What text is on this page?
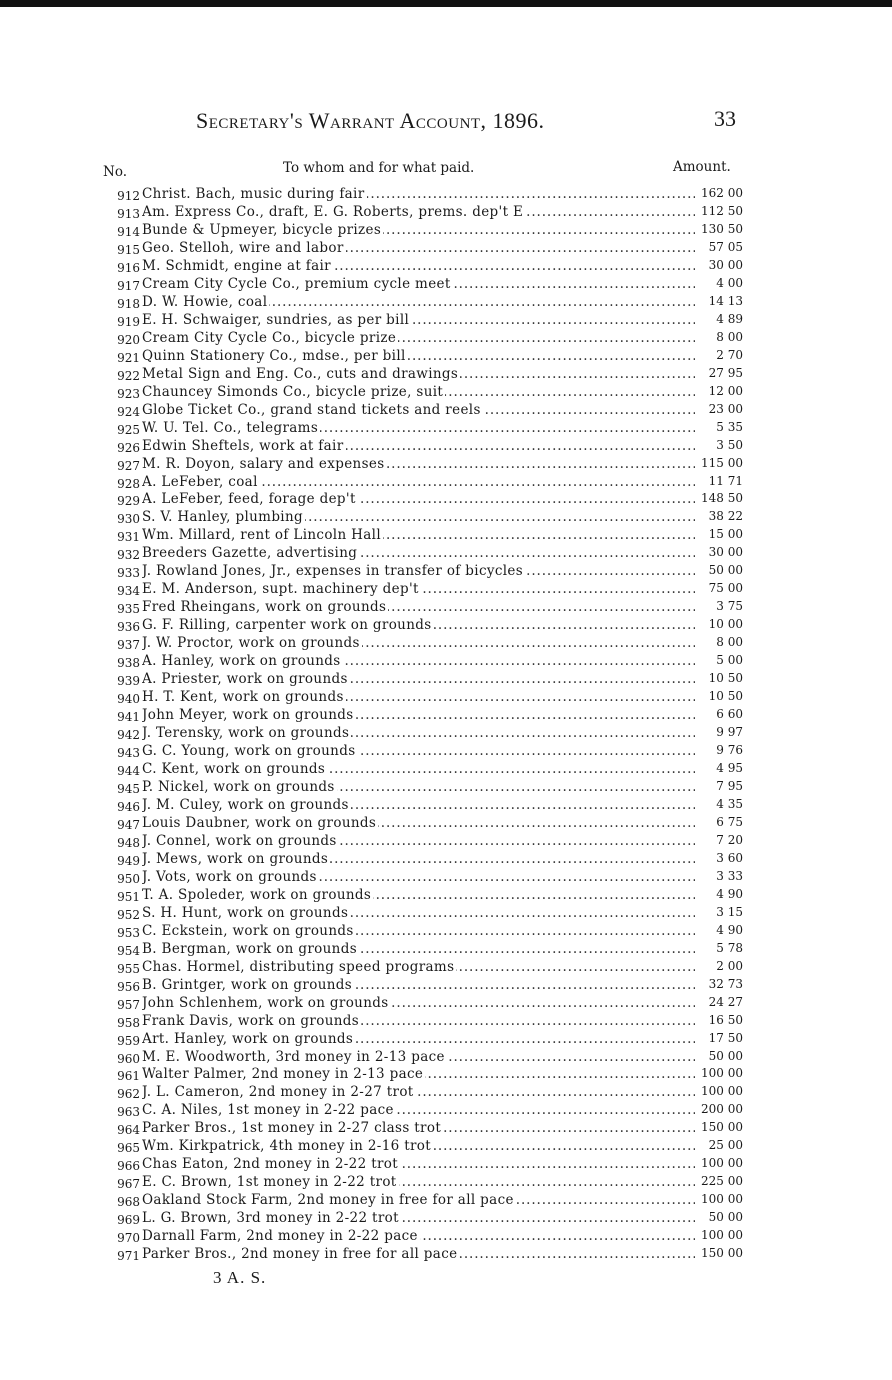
Secretary's Warrant Account, 1896.	33
No.	To whom and for what paid.	Amount.
912 Christ. Bach, music during fair .....	162 00
913 Am. Express Co., draft, E. G. Roberts, prems. dep't E .....	112 50
914 Bunde & Upmeyer, bicycle prizes .....	130 50
915 Geo. Stelloh, wire and labor .....	57 05
916 M. Schmidt, engine at fair .....	30 00
917 Cream City Cycle Co., premium cycle meet .....	4 00
918 D. W. Howie, coal .....	14 13
919 E. H. Schwaiger, sundries, as per bill .....	4 89
920 Cream City Cycle Co., bicycle prize .....	8 00
921 Quinn Stationery Co., mdse., per bill .....	2 70
922 Metal Sign and Eng. Co., cuts and drawings .....	27 95
923 Chauncey Simonds Co., bicycle prize, suit .....	12 00
924 Globe Ticket Co., grand stand tickets and reels .....	23 00
925 W. U. Tel. Co., telegrams .....	5 35
926 Edwin Sheftels, work at fair .....	3 50
927 M. R. Doyon, salary and expenses .....	115 00
928 A. LeFeber, coal .....	11 71
929 A. LeFeber, feed, forage dep't .....	148 50
930 S. V. Hanley, plumbing .....	38 22
931 Wm. Millard, rent of Lincoln Hall .....	15 00
932 Breeders Gazette, advertising .....	30 00
933 J. Rowland Jones, Jr., expenses in transfer of bicycles .....	50 00
934 E. M. Anderson, supt. machinery dep't .....	75 00
935 Fred Rheingans, work on grounds .....	3 75
936 G. F. Rilling, carpenter work on grounds .....	10 00
937 J. W. Proctor, work on grounds .....	8 00
938 A. Hanley, work on grounds .....	5 00
939 A. Priester, work on grounds .....	10 50
940 H. T. Kent, work on grounds .....	10 50
941 John Meyer, work on grounds .....	6 60
942 J. Terensky, work on grounds .....	9 97
943 G. C. Young, work on grounds .....	9 76
944 C. Kent, work on grounds .....	4 95
945 P. Nickel, work on grounds .....	7 95
946 J. M. Culey, work on grounds .....	4 35
947 Louis Daubner, work on grounds .....	6 75
948 J. Connel, work on grounds .....	7 20
949 J. Mews, work on grounds .....	3 60
950 J. Vots, work on grounds .....	3 33
951 T. A. Spoleder, work on grounds .....	4 90
952 S. H. Hunt, work on grounds .....	3 15
953 C. Eckstein, work on grounds .....	4 90
954 B. Bergman, work on grounds .....	5 78
955 Chas. Hormel, distributing speed programs .....	2 00
956 B. Grintger, work on grounds .....	32 73
957 John Schlenhem, work on grounds .....	24 27
958 Frank Davis, work on grounds .....	16 50
959 Art. Hanley, work on grounds .....	17 50
960 M. E. Woodworth, 3rd money in 2-13 pace .....	50 00
961 Walter Palmer, 2nd money in 2-13 pace .....	100 00
962 J. L. Cameron, 2nd money in 2-27 trot .....	100 00
963 C. A. Niles, 1st money in 2-22 pace .....	200 00
964 Parker Bros., 1st money in 2-27 class trot .....	150 00
965 Wm. Kirkpatrick, 4th money in 2-16 trot .....	25 00
966 Chas Eaton, 2nd money in 2-22 trot .....	100 00
967 E. C. Brown, 1st money in 2-22 trot .....	225 00
968 Oakland Stock Farm, 2nd money in free for all pace .....	100 00
969 L. G. Brown, 3rd money in 2-22 trot .....	50 00
970 Darnall Farm, 2nd money in 2-22 pace .....	100 00
971 Parker Bros., 2nd money in free for all pace .....	150 00
3 A. S.
